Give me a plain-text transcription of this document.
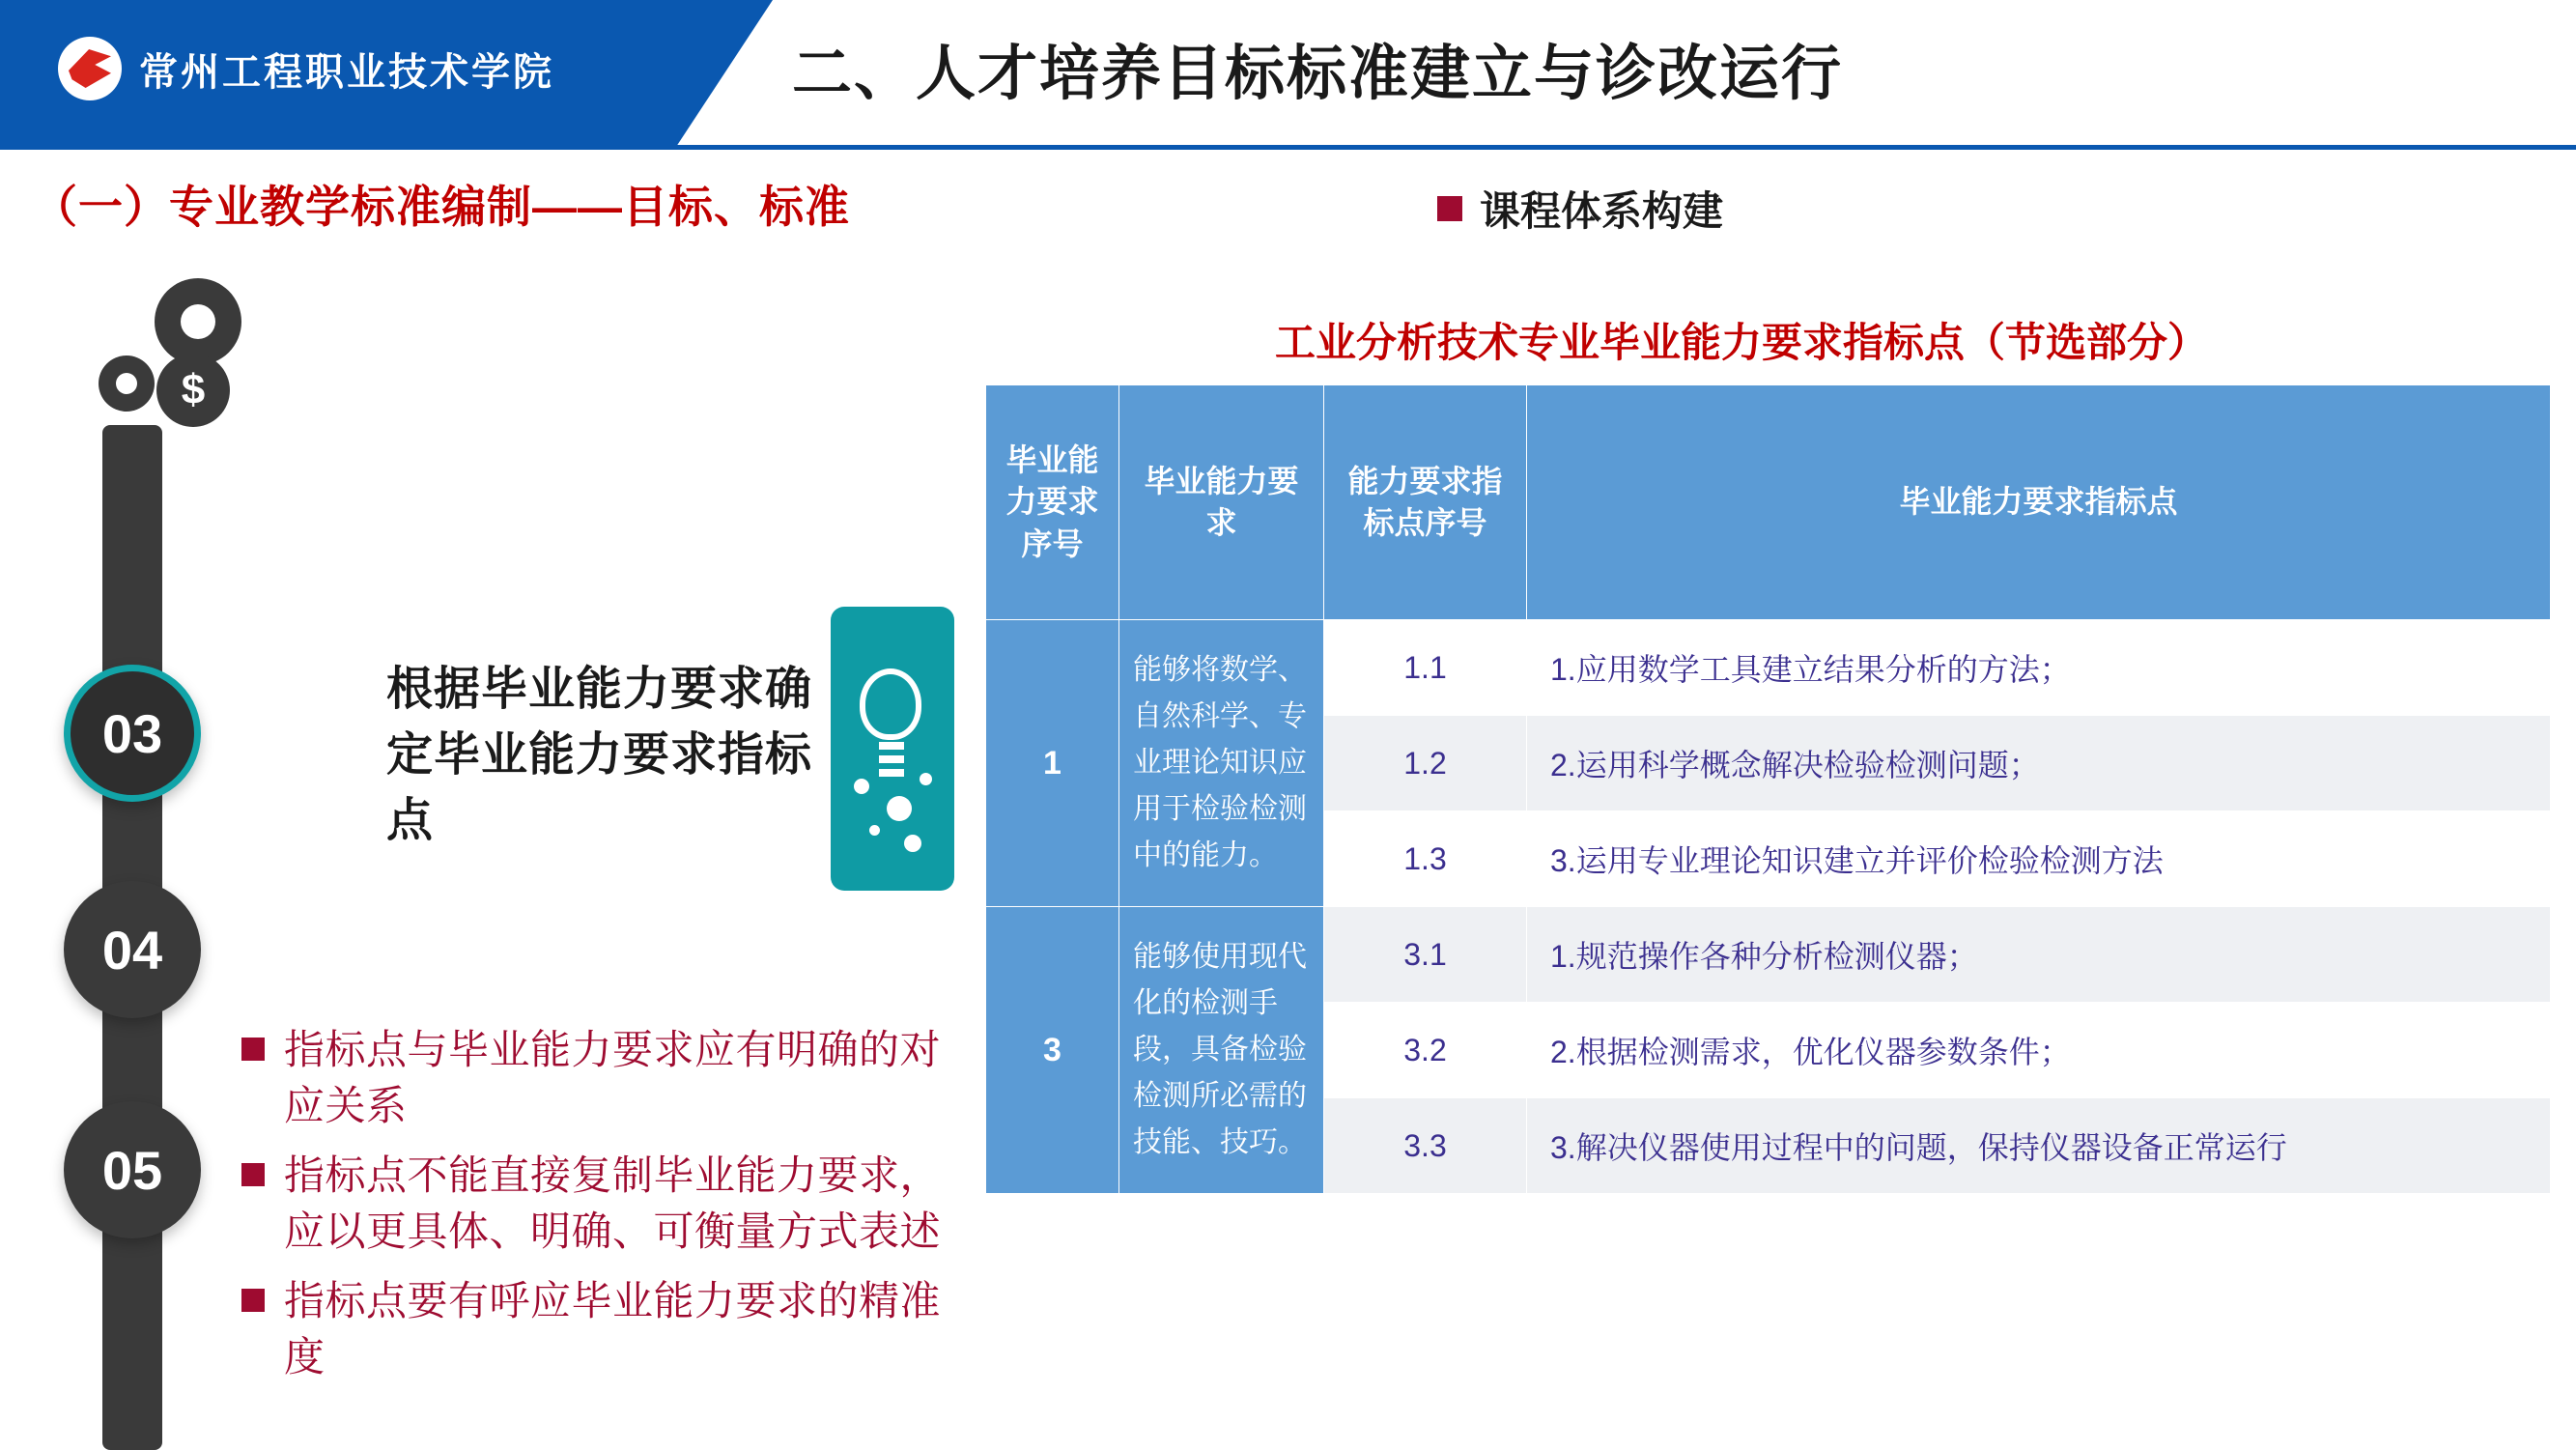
常州工程职业技术学院	二、人才培养目标标准建立与诊改运行
（一）专业教学标准编制——目标、标准	课程体系构建
$
03
04
05
根据毕业能力要求确定毕业能力要求指标点
指标点与毕业能力要求应有明确的对应关系
指标点不能直接复制毕业能力要求，应以更具体、明确、可衡量方式表述
指标点要有呼应毕业能力要求的精准度
工业分析技术专业毕业能力要求指标点（节选部分）
毕业能力要求序号	毕业能力要求	能力要求指标点序号	毕业能力要求指标点
1	能够将数学、自然科学、专业理论知识应用于检验检测中的能力。	1.1	1.应用数学工具建立结果分析的方法；
		1.2	2.运用科学概念解决检验检测问题；
		1.3	3.运用专业理论知识建立并评价检验检测方法
3	能够使用现代化的检测手段，具备检验检测所必需的技能、技巧。	3.1	1.规范操作各种分析检测仪器；
		3.2	2.根据检测需求，优化仪器参数条件；
		3.3	3.解决仪器使用过程中的问题，保持仪器设备正常运行
